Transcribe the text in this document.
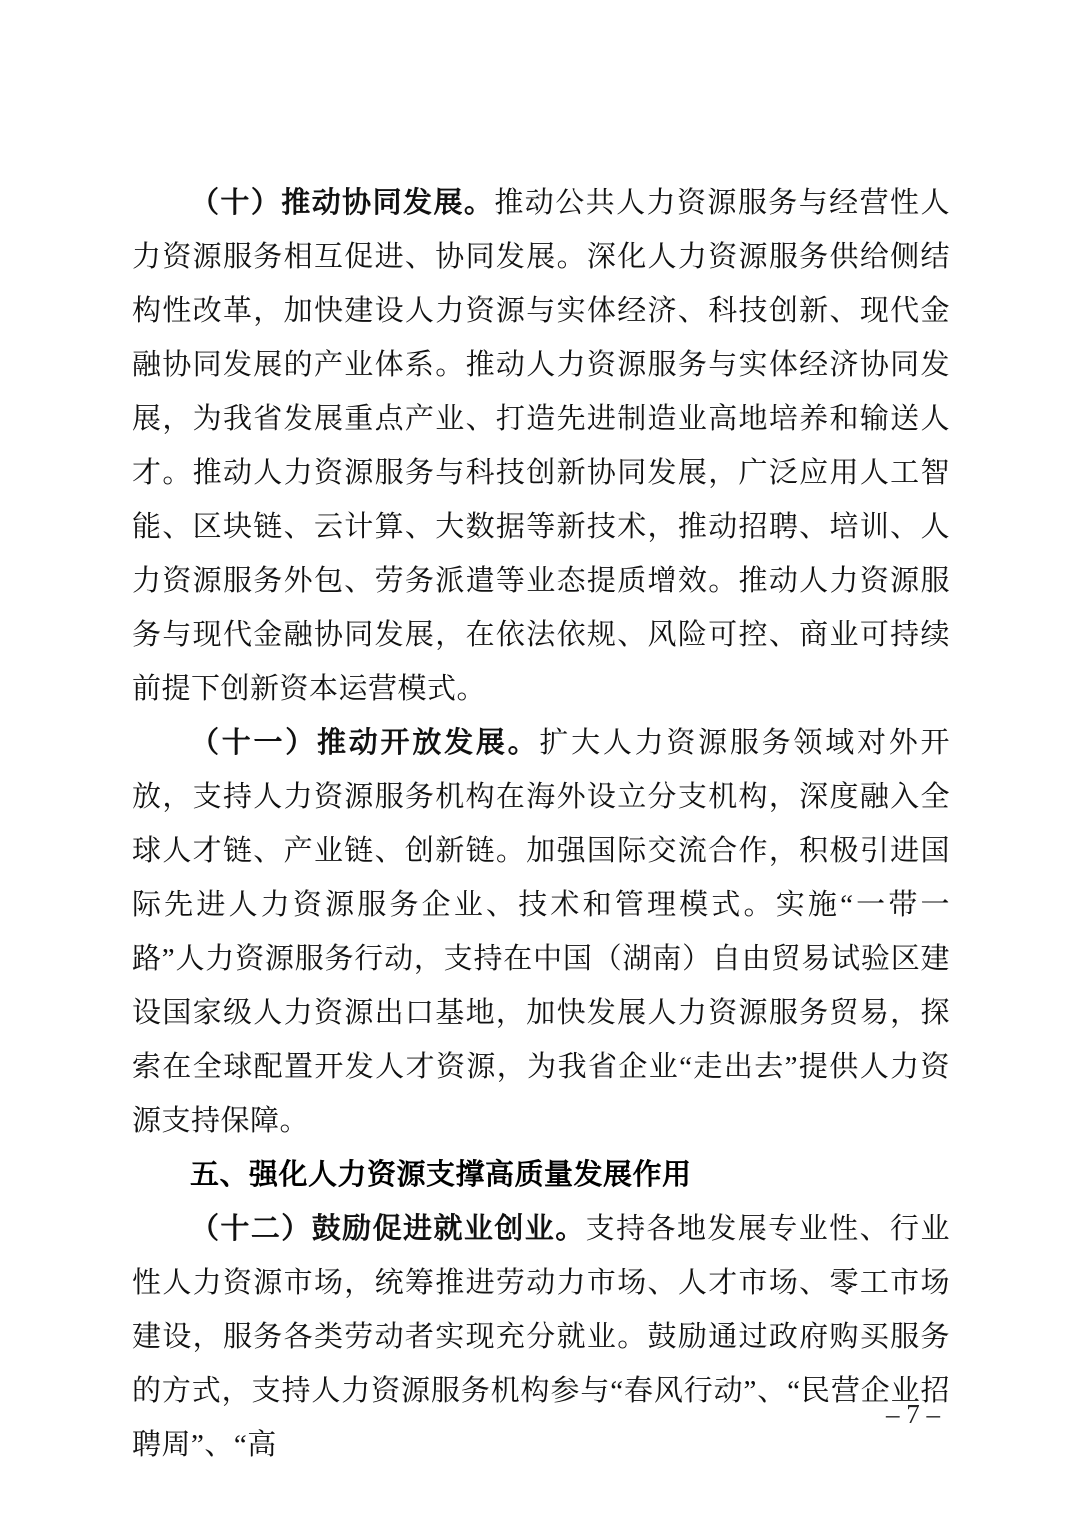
（十）推动协同发展。推动公共人力资源服务与经营性人力资源服务相互促进、协同发展。深化人力资源服务供给侧结构性改革，加快建设人力资源与实体经济、科技创新、现代金融协同发展的产业体系。推动人力资源服务与实体经济协同发展，为我省发展重点产业、打造先进制造业高地培养和输送人才。推动人力资源服务与科技创新协同发展，广泛应用人工智能、区块链、云计算、大数据等新技术，推动招聘、培训、人力资源服务外包、劳务派遣等业态提质增效。推动人力资源服务与现代金融协同发展，在依法依规、风险可控、商业可持续前提下创新资本运营模式。

（十一）推动开放发展。扩大人力资源服务领域对外开放，支持人力资源服务机构在海外设立分支机构，深度融入全球人才链、产业链、创新链。加强国际交流合作，积极引进国际先进人力资源服务企业、技术和管理模式。实施“一带一路”人力资源服务行动，支持在中国（湖南）自由贸易试验区建设国家级人力资源出口基地，加快发展人力资源服务贸易，探索在全球配置开发人才资源，为我省企业“走出去”提供人力资源支持保障。

五、强化人力资源支撑高质量发展作用

（十二）鼓励促进就业创业。支持各地发展专业性、行业性人力资源市场，统筹推进劳动力市场、人才市场、零工市场建设，服务各类劳动者实现充分就业。鼓励通过政府购买服务的方式，支持人力资源服务机构参与“春风行动”、“民营企业招聘周”、“高

– 7 –
